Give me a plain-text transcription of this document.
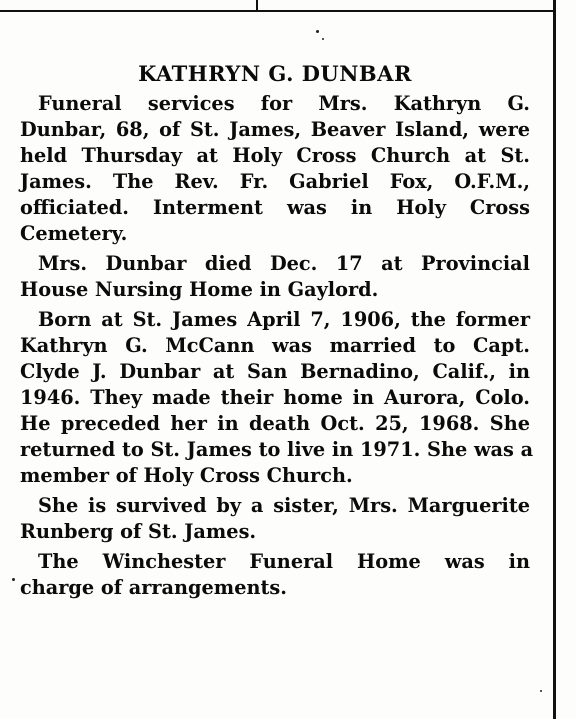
KATHRYN G. DUNBAR
Funeral services for Mrs. Kathryn G.
Dunbar, 68, of St. James, Beaver Island, were
held Thursday at Holy Cross Church at St.
James. The Rev. Fr. Gabriel Fox, O.F.M.,
officiated. Interment was in Holy Cross
Cemetery.
Mrs. Dunbar died Dec. 17 at Provincial
House Nursing Home in Gaylord.
Born at St. James April 7, 1906, the former
Kathryn G. McCann was married to Capt.
Clyde J. Dunbar at San Bernadino, Calif., in
1946. They made their home in Aurora, Colo.
He preceded her in death Oct. 25, 1968. She
returned to St. James to live in 1971. She was a
member of Holy Cross Church.
She is survived by a sister, Mrs. Marguerite
Runberg of St. James.
The Winchester Funeral Home was in
charge of arrangements.
